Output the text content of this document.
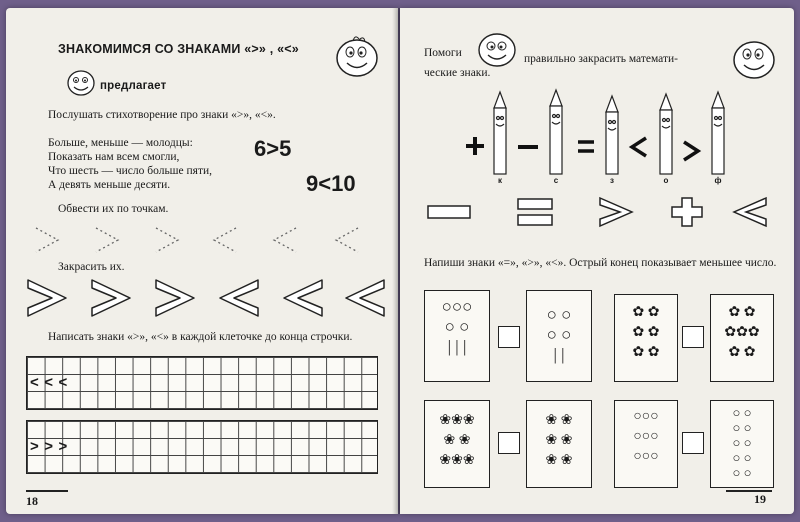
ЗНАКОМИМСЯ СО ЗНАКАМИ «>» , «<»
предлагает
Послушать стихотворение про знаки «>», «<».
Больше, меньше — молодцы:
Показать нам всем смогли,
Что шесть — число больше пяти,
А девять меньше десяти.
6>5
9<10
Обвести их по точкам.
Закрасить их.
Написать знаки «>», «<» в каждой клеточке до конца строчки.
<<<
>>>
18
Помоги	правильно закрасить математи-
ческие знаки.
к	с	з	о	ф
Напиши знаки «=», «>», «<». Острый конец показывает меньшее число.
○○○
○ ○
| | |
○ ○
○ ○
| |
✿ ✿
✿ ✿
✿ ✿
✿ ✿
✿✿✿
✿ ✿
❀❀❀
❀ ❀
❀❀❀
❀ ❀
❀ ❀
❀ ❀
○○○
○○○
○○○
○ ○
○ ○
○ ○
○ ○
○ ○
19
